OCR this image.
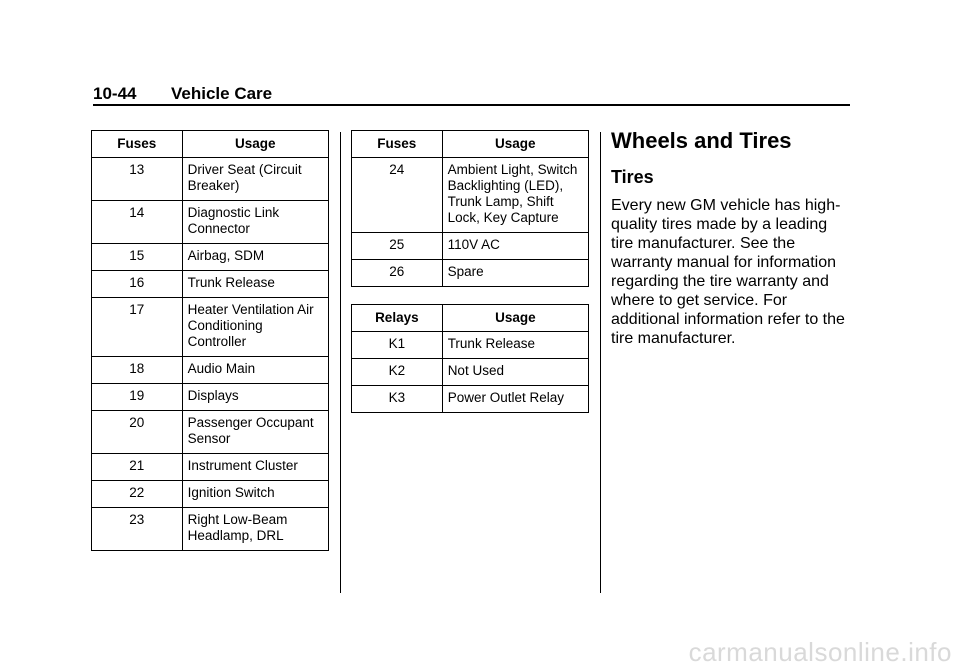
10-44 Vehicle Care
Fuses	Usage
13	Driver Seat (Circuit Breaker)
14	Diagnostic Link Connector
15	Airbag, SDM
16	Trunk Release
17	Heater Ventilation Air Conditioning Controller
18	Audio Main
19	Displays
20	Passenger Occupant Sensor
21	Instrument Cluster
22	Ignition Switch
23	Right Low-Beam Headlamp, DRL
Fuses	Usage
24	Ambient Light, Switch Backlighting (LED), Trunk Lamp, Shift Lock, Key Capture
25	110V AC
26	Spare
Relays	Usage
K1	Trunk Release
K2	Not Used
K3	Power Outlet Relay
Wheels and Tires
Tires
Every new GM vehicle has high-quality tires made by a leading tire manufacturer. See the warranty manual for information regarding the tire warranty and where to get service. For additional information refer to the tire manufacturer.
carmanualsonline.info
